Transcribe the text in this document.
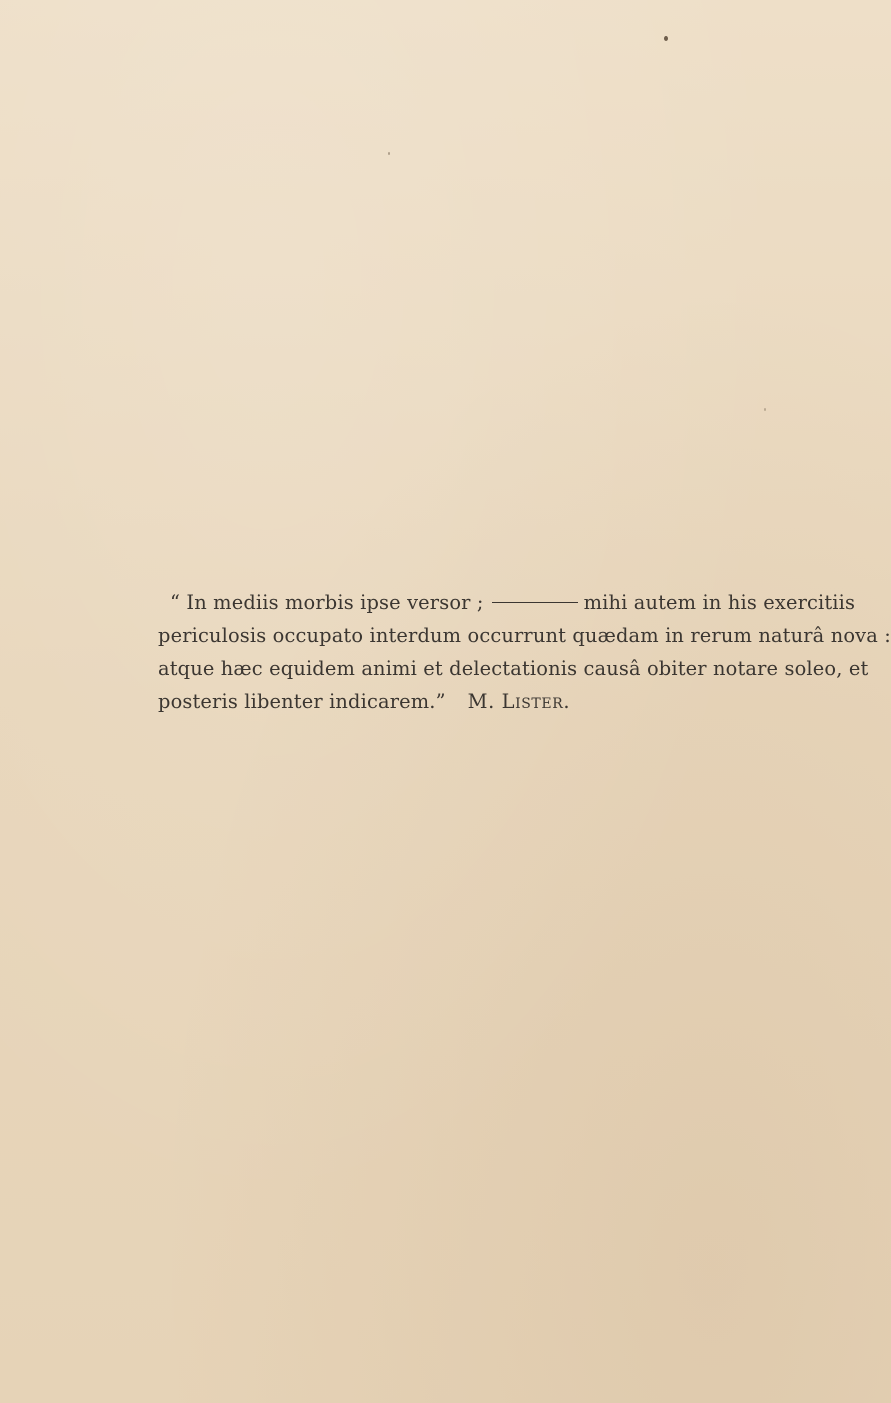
“ In mediis morbis ipse versor ;	mihi autem in his exercitiis
periculosis occupato interdum occurrunt quædam in rerum naturâ nova :
atque hæc equidem animi et delectationis causâ obiter notare soleo, et
posteris libenter indicarem.” M. Lister.
